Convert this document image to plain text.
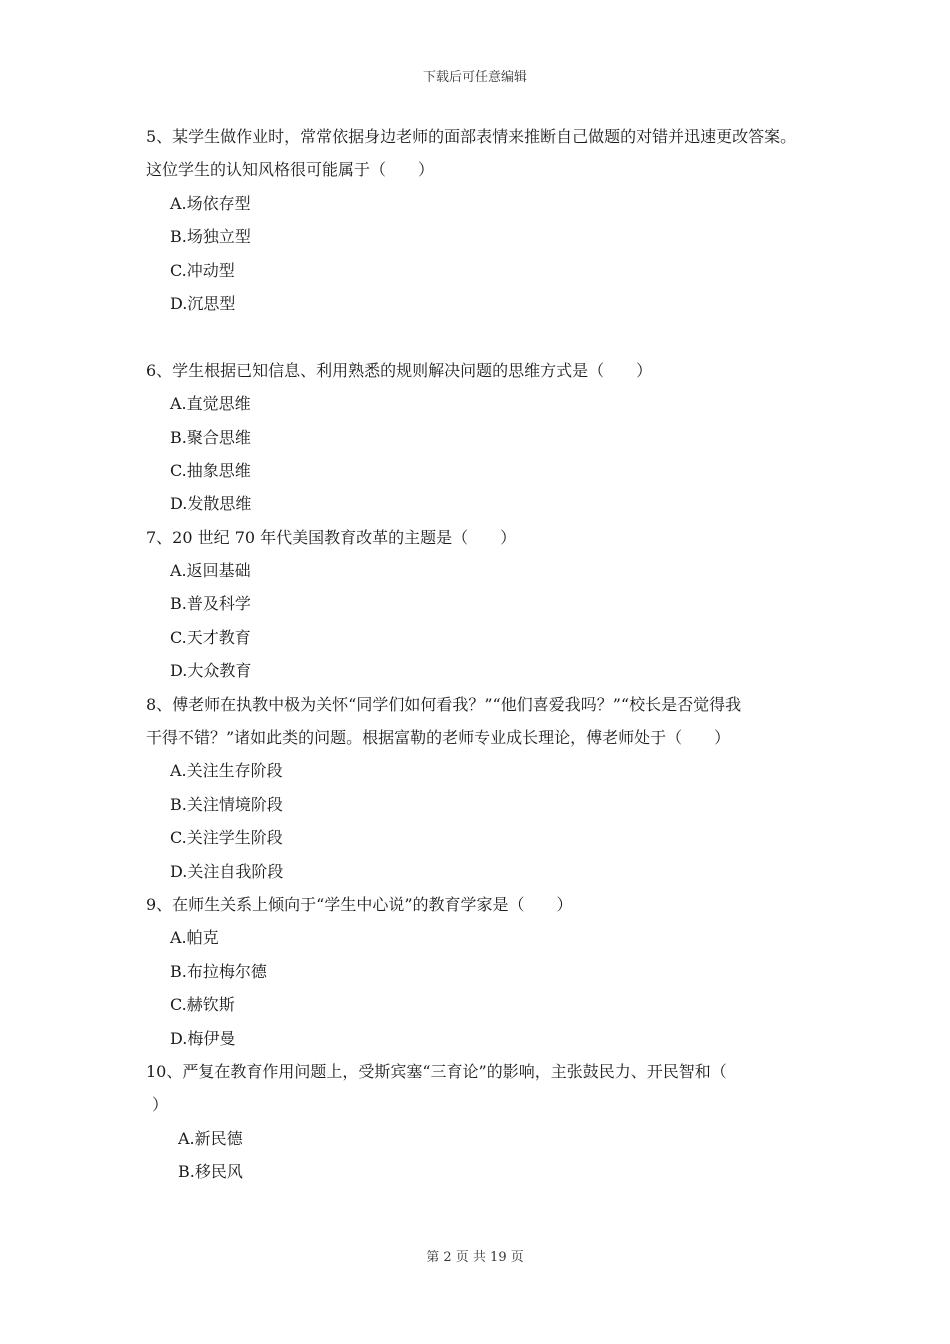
下载后可任意编辑
5、某学生做作业时，常常依据身边老师的面部表情来推断自己做题的对错并迅速更改答案。
这位学生的认知风格很可能属于（　　）
A.场依存型
B.场独立型
C.冲动型
D.沉思型
6、学生根据已知信息、利用熟悉的规则解决问题的思维方式是（　　）
A.直觉思维
B.聚合思维
C.抽象思维
D.发散思维
7、20 世纪 70 年代美国教育改革的主题是（　　）
A.返回基础
B.普及科学
C.天才教育
D.大众教育
8、傅老师在执教中极为关怀“同学们如何看我？”“他们喜爱我吗？”“校长是否觉得我
干得不错？”诸如此类的问题。根据富勒的老师专业成长理论，傅老师处于（　　）
A.关注生存阶段
B.关注情境阶段
C.关注学生阶段
D.关注自我阶段
9、在师生关系上倾向于“学生中心说”的教育学家是（　　）
A.帕克
B.布拉梅尔德
C.赫钦斯
D.梅伊曼
10、严复在教育作用问题上，受斯宾塞“三育论”的影响，主张鼓民力、开民智和（
）
A.新民德
B.移民风
第 2 页 共 19 页
